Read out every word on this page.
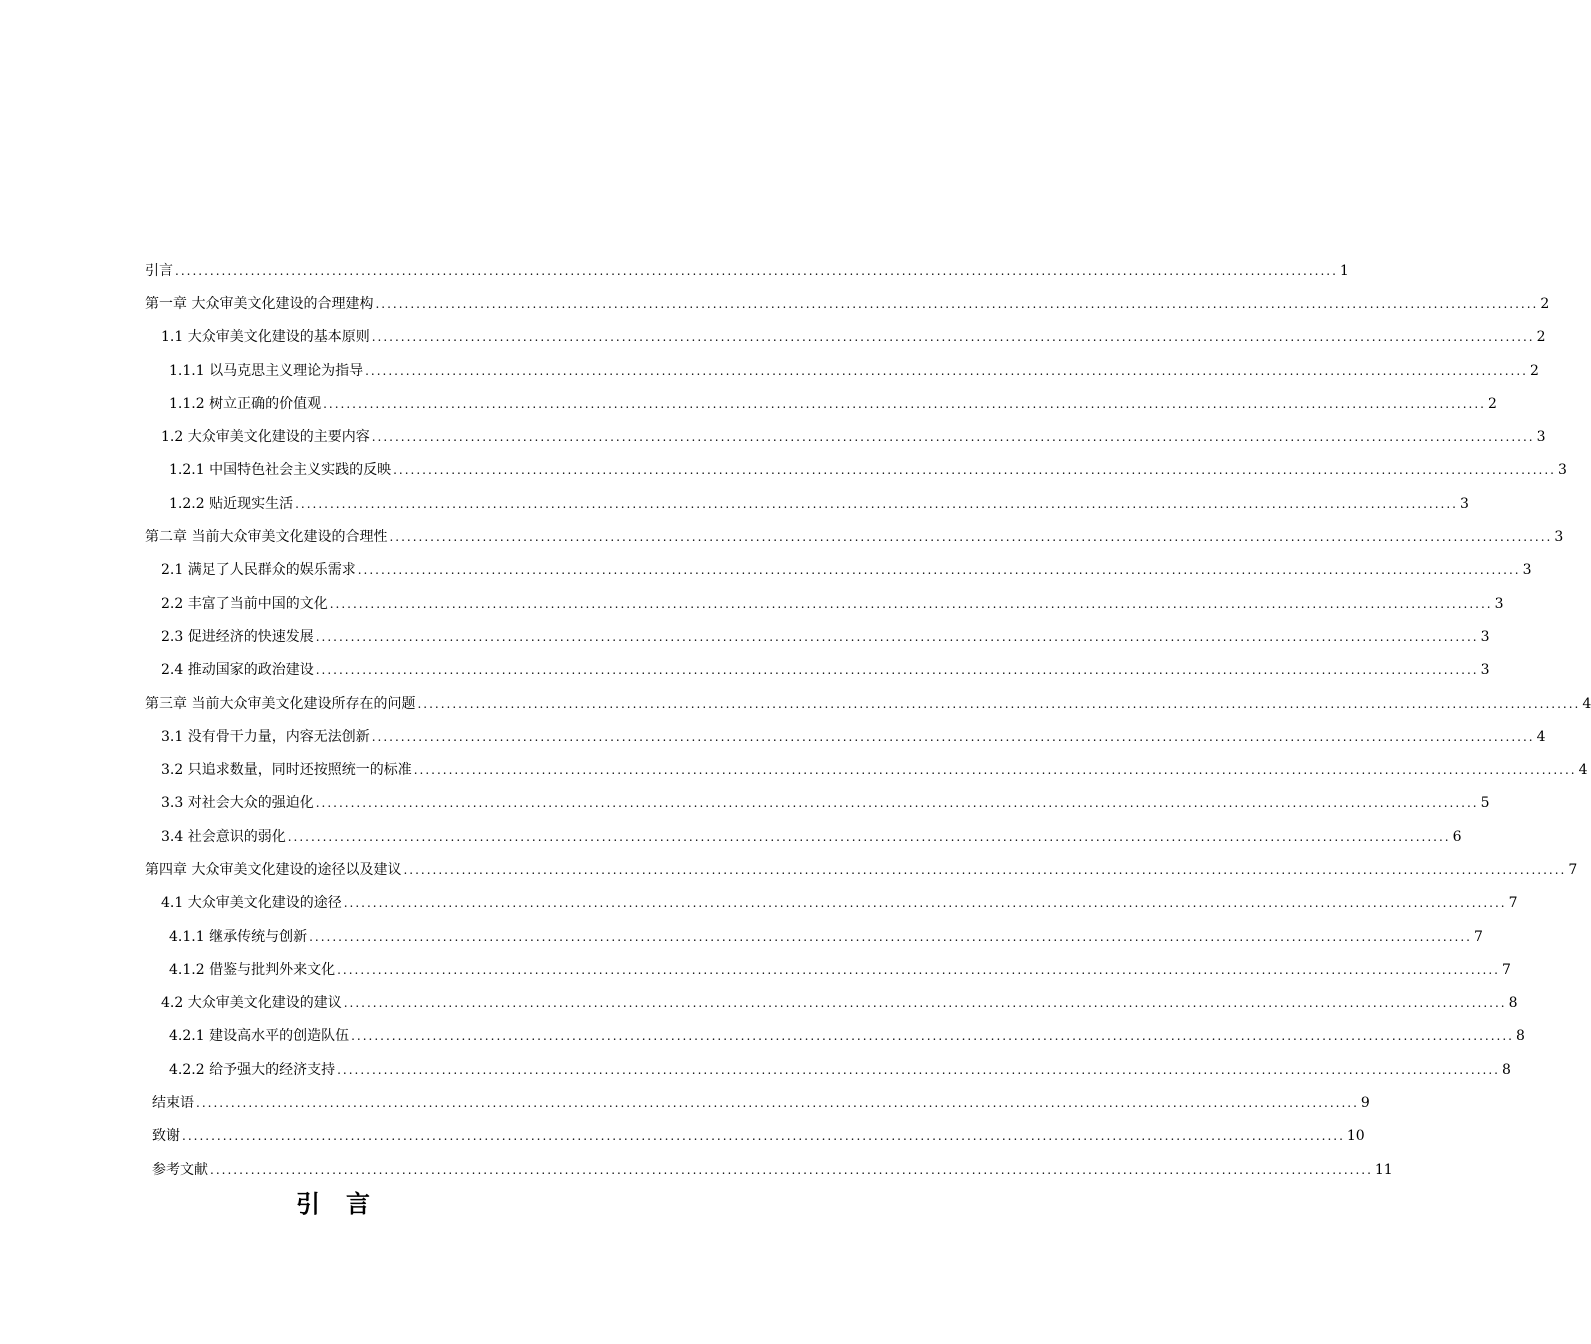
引言 ........................................................................................................................................................................................................ 1
第一章 大众审美文化建设的合理建构 ........................................................................................................................................................................................................ 2
1.1 大众审美文化建设的基本原则 ........................................................................................................................................................................................................ 2
1.1.1 以马克思主义理论为指导 ........................................................................................................................................................................................................ 2
1.1.2 树立正确的价值观 ........................................................................................................................................................................................................ 2
1.2 大众审美文化建设的主要内容 ........................................................................................................................................................................................................ 3
1.2.1 中国特色社会主义实践的反映 ........................................................................................................................................................................................................ 3
1.2.2 贴近现实生活 ........................................................................................................................................................................................................ 3
第二章 当前大众审美文化建设的合理性 ........................................................................................................................................................................................................ 3
2.1 满足了人民群众的娱乐需求 ........................................................................................................................................................................................................ 3
2.2 丰富了当前中国的文化 ........................................................................................................................................................................................................ 3
2.3 促进经济的快速发展 ........................................................................................................................................................................................................ 3
2.4 推动国家的政治建设 ........................................................................................................................................................................................................ 3
第三章 当前大众审美文化建设所存在的问题 ........................................................................................................................................................................................................ 4
3.1 没有骨干力量，内容无法创新 ........................................................................................................................................................................................................ 4
3.2 只追求数量，同时还按照统一的标准 ........................................................................................................................................................................................................ 4
3.3 对社会大众的强迫化 ........................................................................................................................................................................................................ 5
3.4 社会意识的弱化 ........................................................................................................................................................................................................ 6
第四章 大众审美文化建设的途径以及建议 ........................................................................................................................................................................................................ 7
4.1 大众审美文化建设的途径 ........................................................................................................................................................................................................ 7
4.1.1 继承传统与创新 ........................................................................................................................................................................................................ 7
4.1.2 借鉴与批判外来文化 ........................................................................................................................................................................................................ 7
4.2 大众审美文化建设的建议 ........................................................................................................................................................................................................ 8
4.2.1 建设高水平的创造队伍 ........................................................................................................................................................................................................ 8
4.2.2 给予强大的经济支持 ........................................................................................................................................................................................................ 8
结束语 ........................................................................................................................................................................................................ 9
致谢 ........................................................................................................................................................................................................ 10
参考文献 ........................................................................................................................................................................................................ 11
引言
